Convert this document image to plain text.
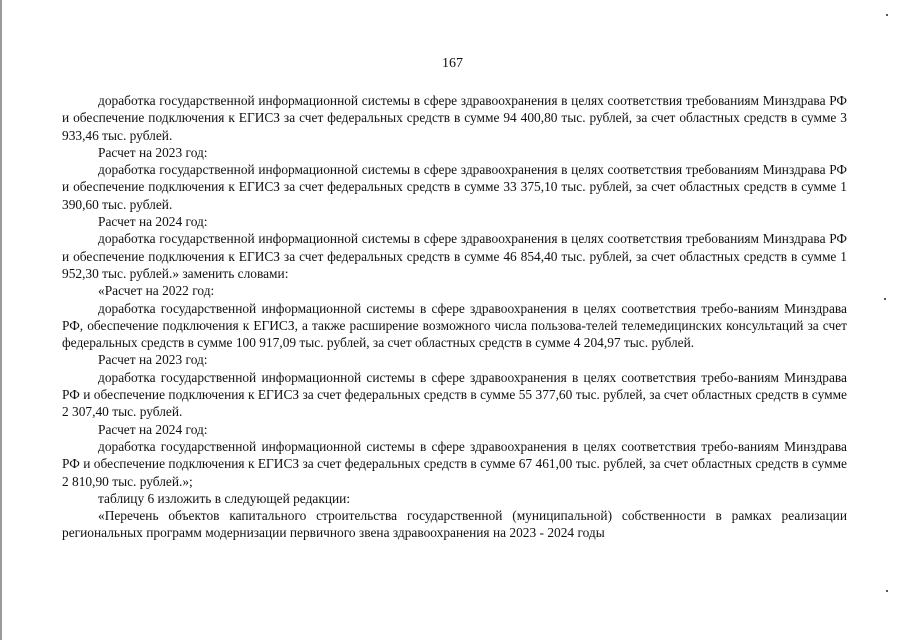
167

доработка государственной информационной системы в сфере здравоохранения в целях соответствия требованиям Минздрава РФ и обеспечение подключения к ЕГИСЗ за счет федеральных средств в сумме 94 400,80 тыс. рублей, за счет областных средств в сумме 3 933,46 тыс. рублей.

Расчет на 2023 год:

доработка государственной информационной системы в сфере здравоохранения в целях соответствия требованиям Минздрава РФ и обеспечение подключения к ЕГИСЗ за счет федеральных средств в сумме 33 375,10 тыс. рублей, за счет областных средств в сумме 1 390,60 тыс. рублей.

Расчет на 2024 год:

доработка государственной информационной системы в сфере здравоохранения в целях соответствия требованиям Минздрава РФ и обеспечение подключения к ЕГИСЗ за счет федеральных средств в сумме 46 854,40 тыс. рублей, за счет областных средств в сумме 1 952,30 тыс. рублей.» заменить словами:

«Расчет на 2022 год:

доработка государственной информационной системы в сфере здравоохранения в целях соответствия требо-ваниям Минздрава РФ, обеспечение подключения к ЕГИСЗ, а также расширение возможного числа пользова-телей телемедицинских консультаций за счет федеральных средств в сумме 100 917,09 тыс. рублей, за счет областных средств в сумме 4 204,97 тыс. рублей.

Расчет на 2023 год:

доработка государственной информационной системы в сфере здравоохранения в целях соответствия требо-ваниям Минздрава РФ и обеспечение подключения к ЕГИСЗ за счет федеральных средств в сумме 55 377,60 тыс. рублей, за счет областных средств в сумме 2 307,40 тыс. рублей.

Расчет на 2024 год:

доработка государственной информационной системы в сфере здравоохранения в целях соответствия требо-ваниям Минздрава РФ и обеспечение подключения к ЕГИСЗ за счет федеральных средств в сумме 67 461,00 тыс. рублей, за счет областных средств в сумме 2 810,90 тыс. рублей.»;

таблицу 6 изложить в следующей редакции:

«Перечень объектов капитального строительства государственной (муниципальной) собственности в рамках реализации региональных программ модернизации первичного звена здравоохранения на 2023 - 2024 годы
